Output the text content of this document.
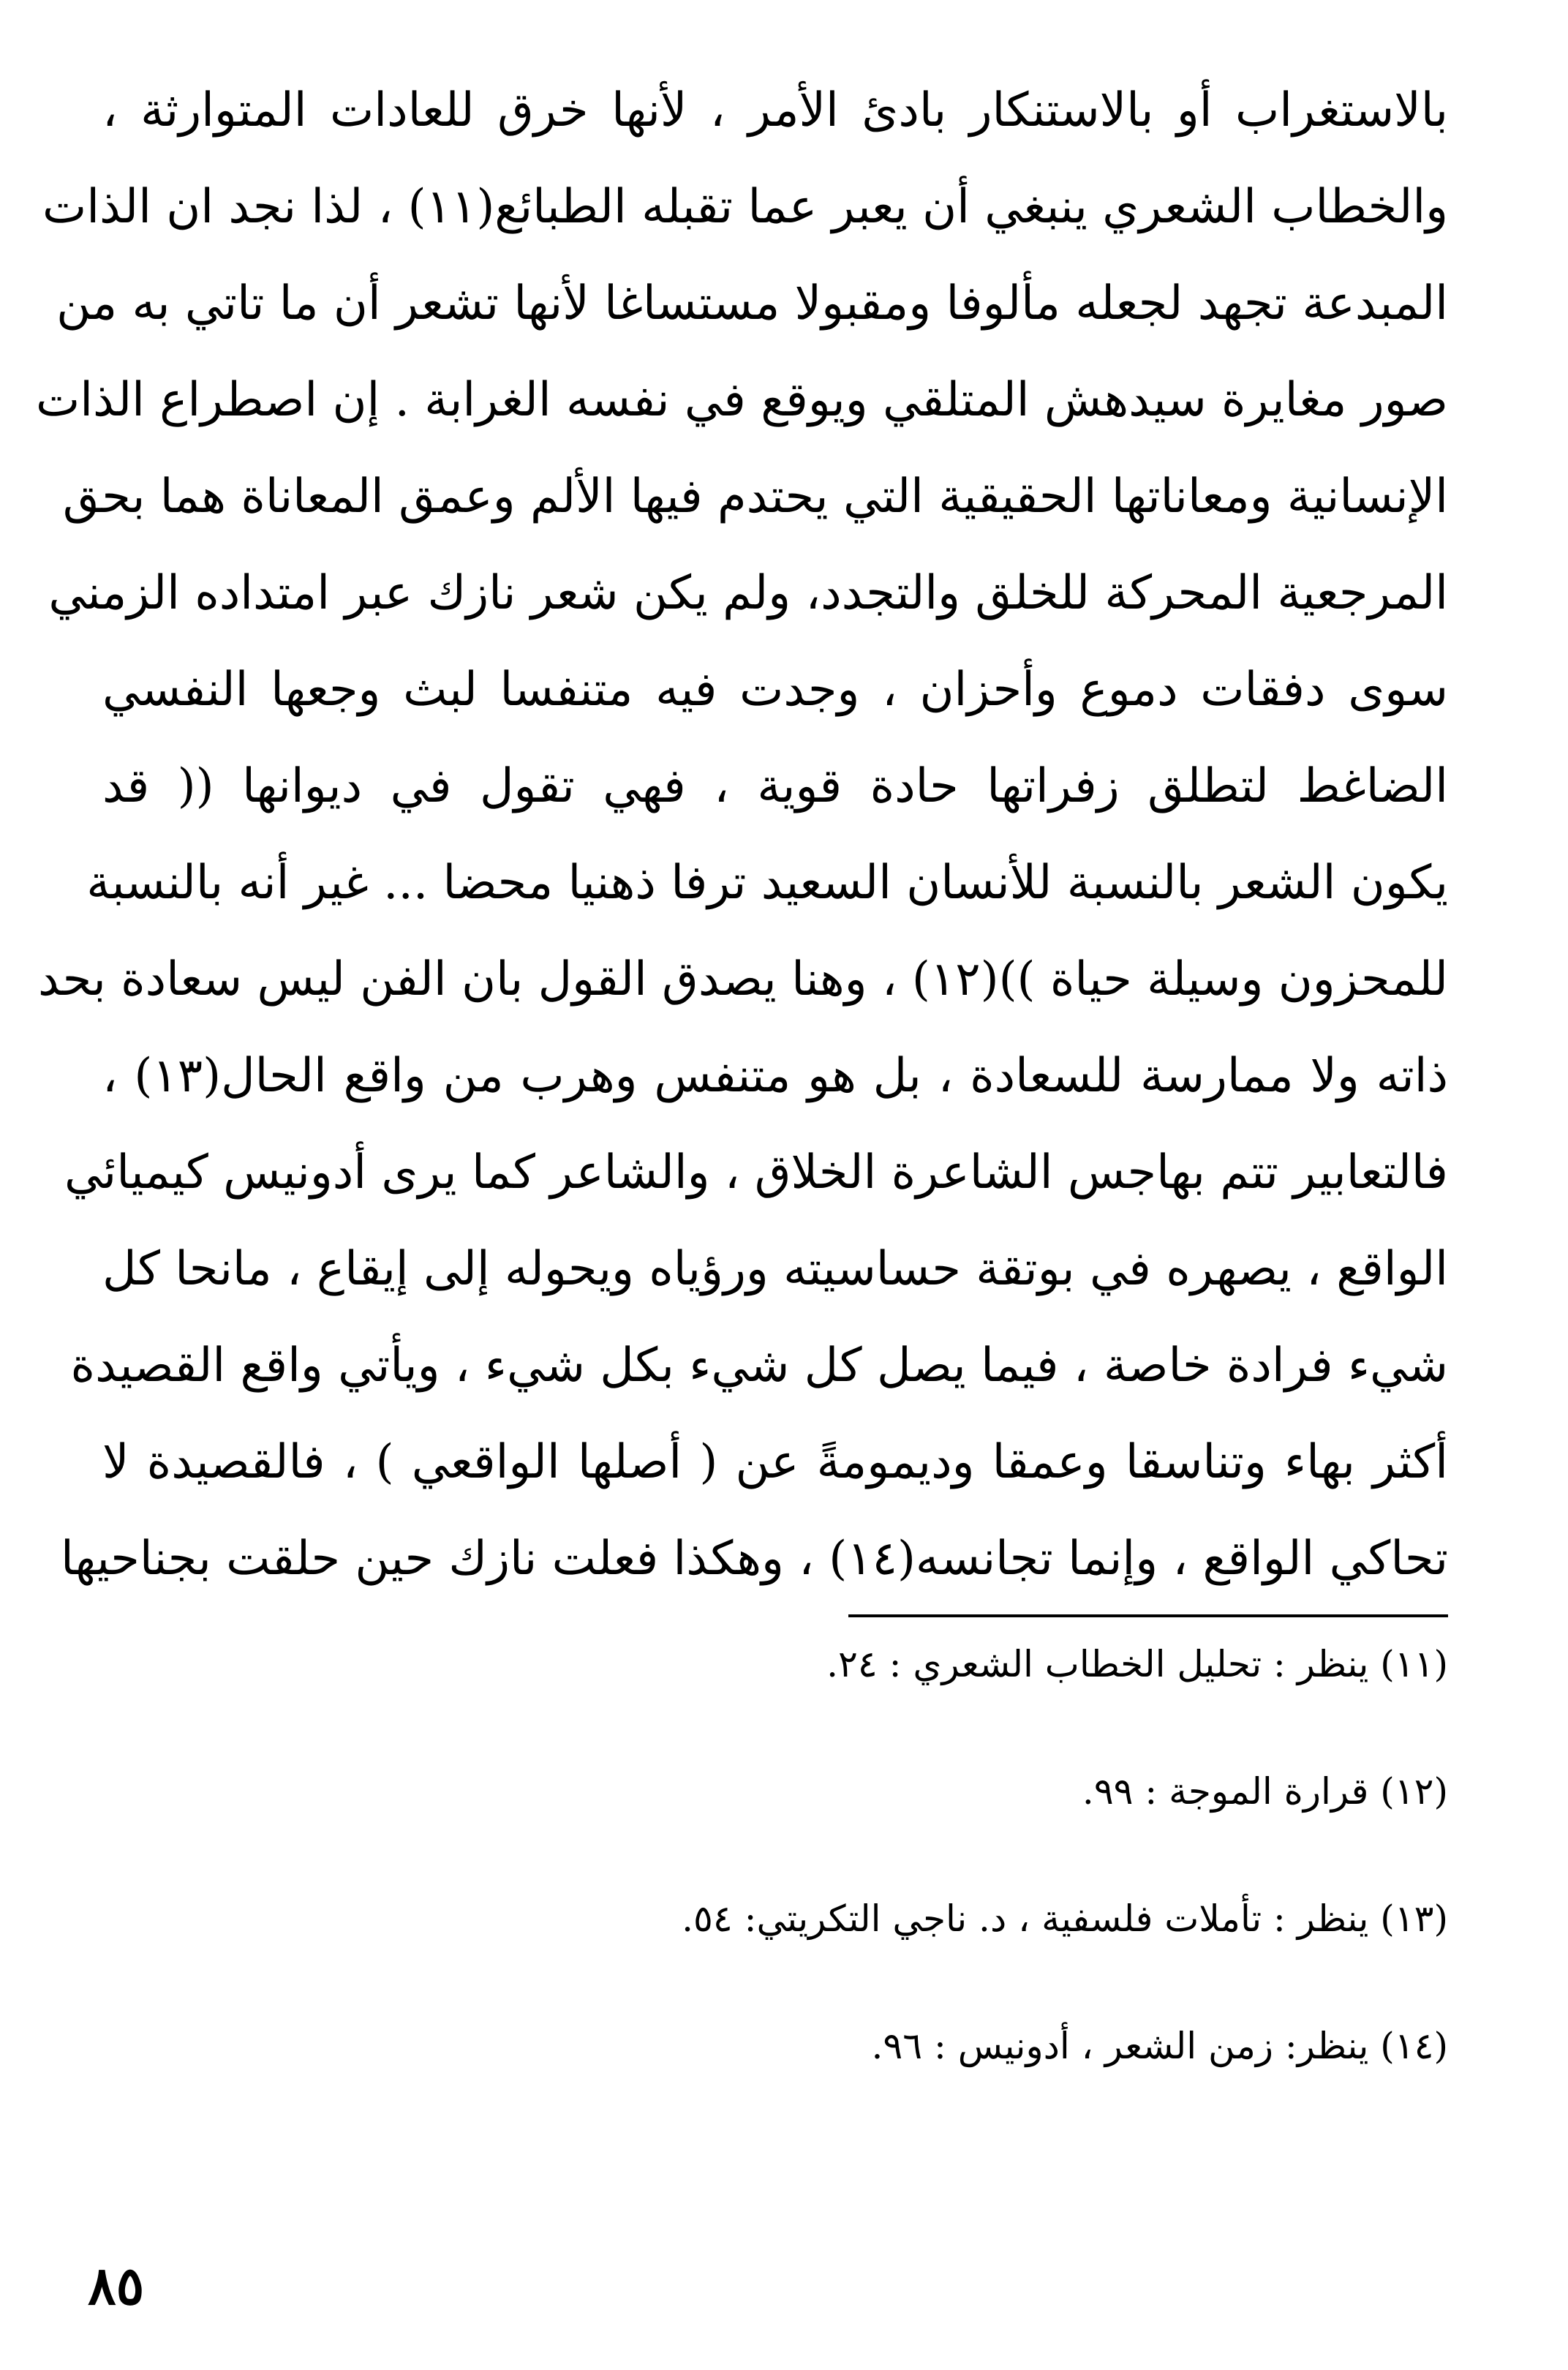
بالاستغراب أو بالاستنكار بادئ الأمر ، لأنها خرق للعادات المتوارثة ،
والخطاب الشعري ينبغي أن يعبر عما تقبله الطبائع(١١) ، لذا نجد ان الذات
المبدعة تجهد لجعله مألوفا ومقبولا مستساغا لأنها تشعر أن ما تاتي به من
صور مغايرة سيدهش المتلقي ويوقع في نفسه الغرابة . إن اصطراع الذات
الإنسانية ومعاناتها الحقيقية التي يحتدم فيها الألم وعمق المعاناة هما بحق
المرجعية المحركة للخلق والتجدد، ولم يكن شعر نازك عبر امتداده الزمني
سوى دفقات دموع وأحزان ، وجدت فيه متنفسا لبث وجعها النفسي
الضاغط لتطلق زفراتها حادة قوية ، فهي تقول في ديوانها (( قد
يكون الشعر بالنسبة للأنسان السعيد ترفا ذهنيا محضا ... غير أنه بالنسبة
للمحزون وسيلة حياة ))(١٢) ، وهنا يصدق القول بان الفن ليس سعادة بحد
ذاته ولا ممارسة للسعادة ، بل هو متنفس وهرب من واقع الحال(١٣) ،
فالتعابير تتم بهاجس الشاعرة الخلاق ، والشاعر كما يرى أدونيس كيميائي
الواقع ، يصهره في بوتقة حساسيته ورؤياه ويحوله إلى إيقاع ، مانحا كل
شيء فرادة خاصة ، فيما يصل كل شيء بكل شيء ، ويأتي واقع القصيدة
أكثر بهاء وتناسقا وعمقا وديمومةً عن ( أصلها الواقعي ) ، فالقصيدة لا
تحاكي الواقع ، وإنما تجانسه(١٤) ، وهكذا فعلت نازك حين حلقت بجناحيها
(١١) ينظر : تحليل الخطاب الشعري : ٢٤.
(١٢) قرارة الموجة : ٩٩.
(١٣) ينظر : تأملات فلسفية ، د. ناجي التكريتي: ٥٤.
(١٤) ينظر: زمن الشعر ، أدونيس : ٩٦.
٨٥
